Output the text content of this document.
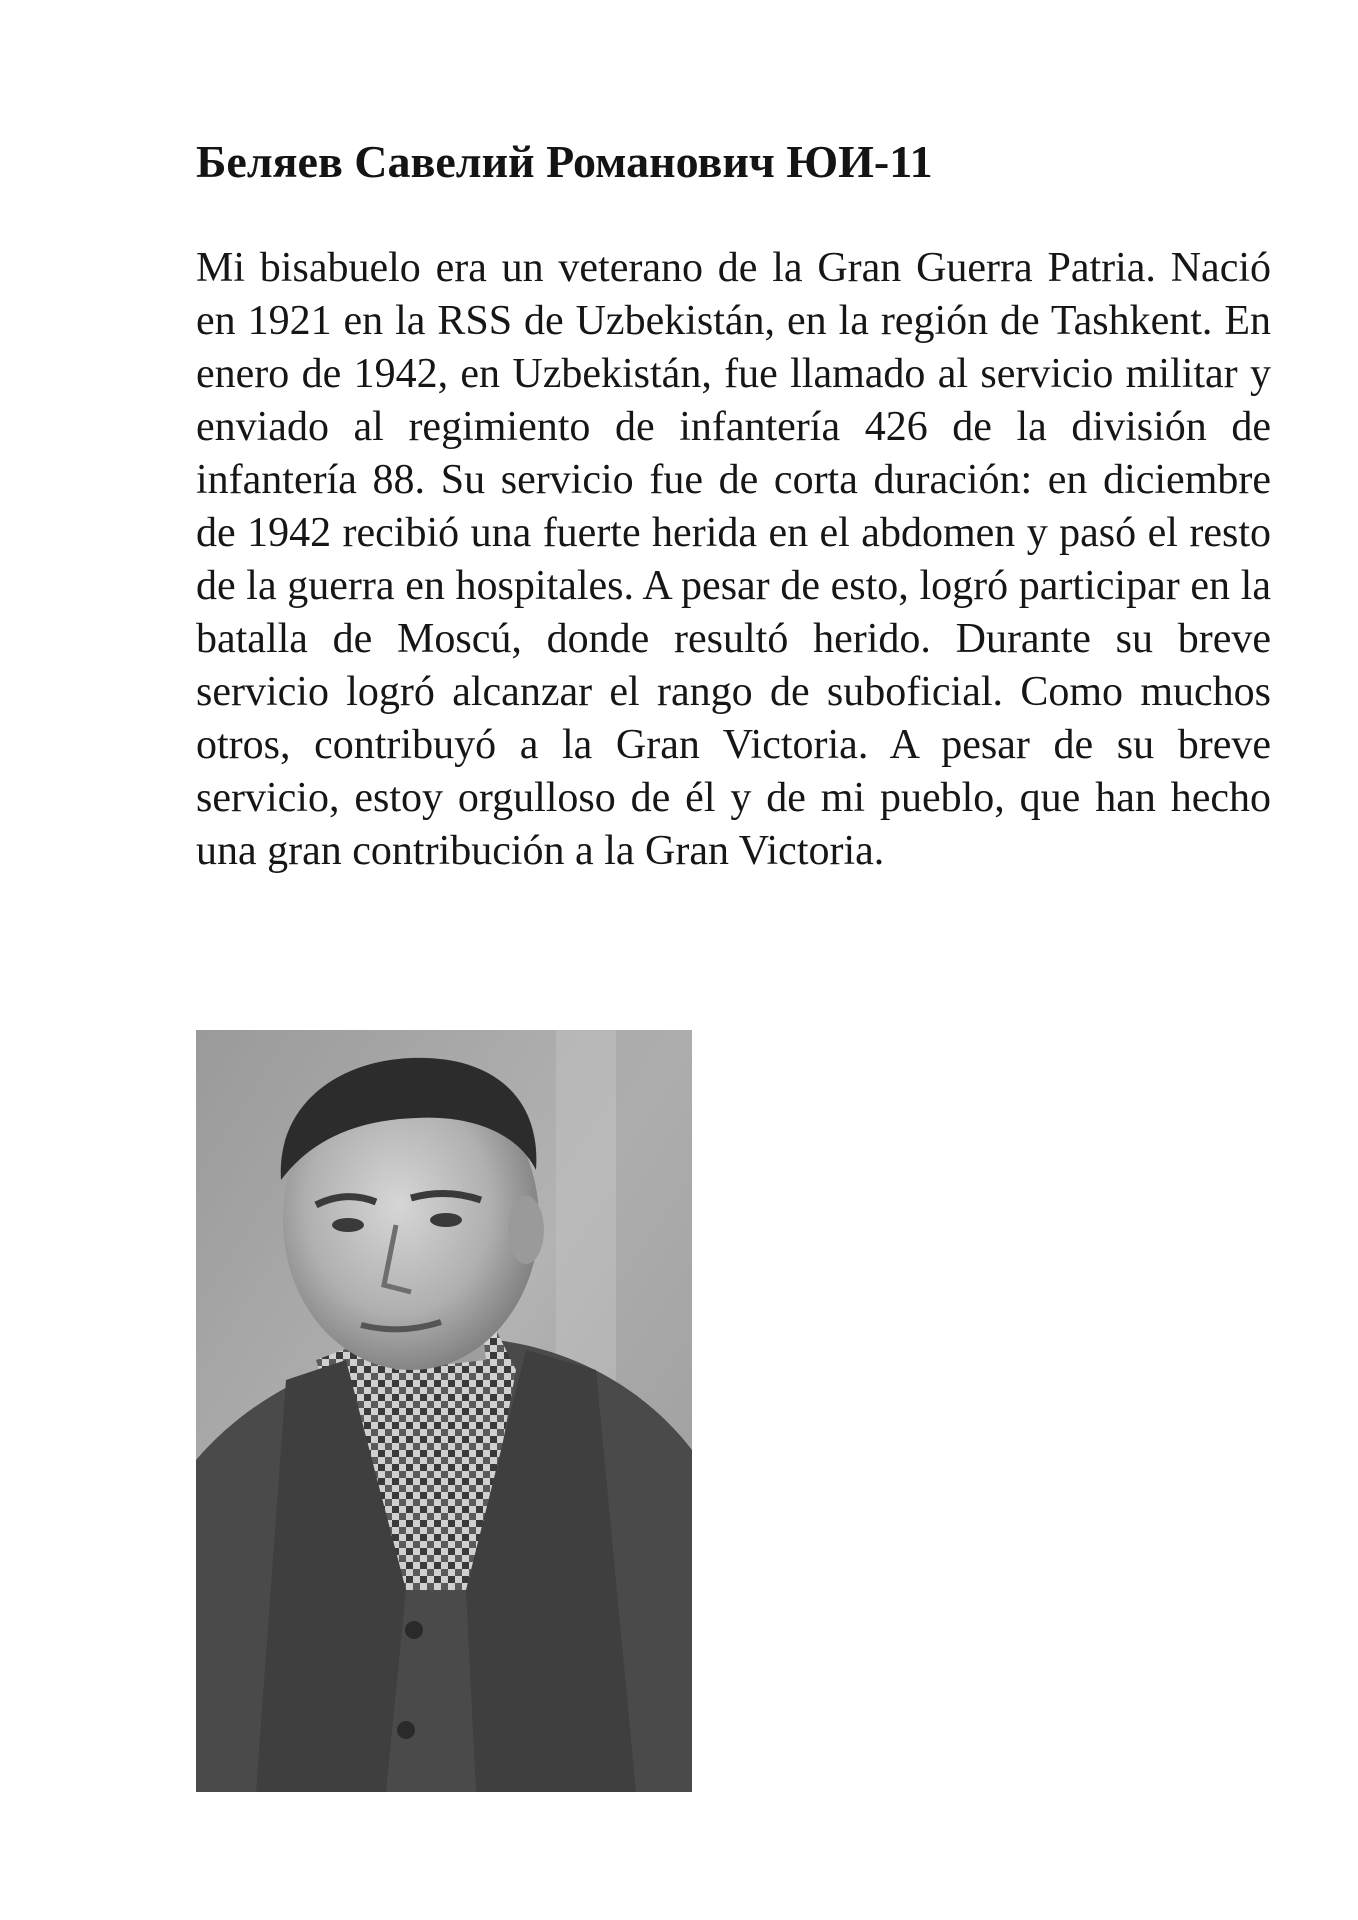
Беляев Савелий Романович ЮИ-11

Mi bisabuelo era un veterano de la Gran Guerra Patria. Nació en 1921 en la RSS de Uzbekistán, en la región de Tashkent. En enero de 1942, en Uzbekistán, fue llamado al servicio militar y enviado al regimiento de infantería 426 de la división de infantería 88. Su servicio fue de corta duración: en diciembre de 1942 recibió una fuerte herida en el abdomen y pasó el resto de la guerra en hospitales. A pesar de esto, logró participar en la batalla de Moscú, donde resultó herido. Durante su breve servicio logró alcanzar el rango de suboficial. Como muchos otros, contribuyó a la Gran Victoria. A pesar de su breve servicio, estoy orgulloso de él y de mi pueblo, que han hecho una gran contribución a la Gran Victoria.
